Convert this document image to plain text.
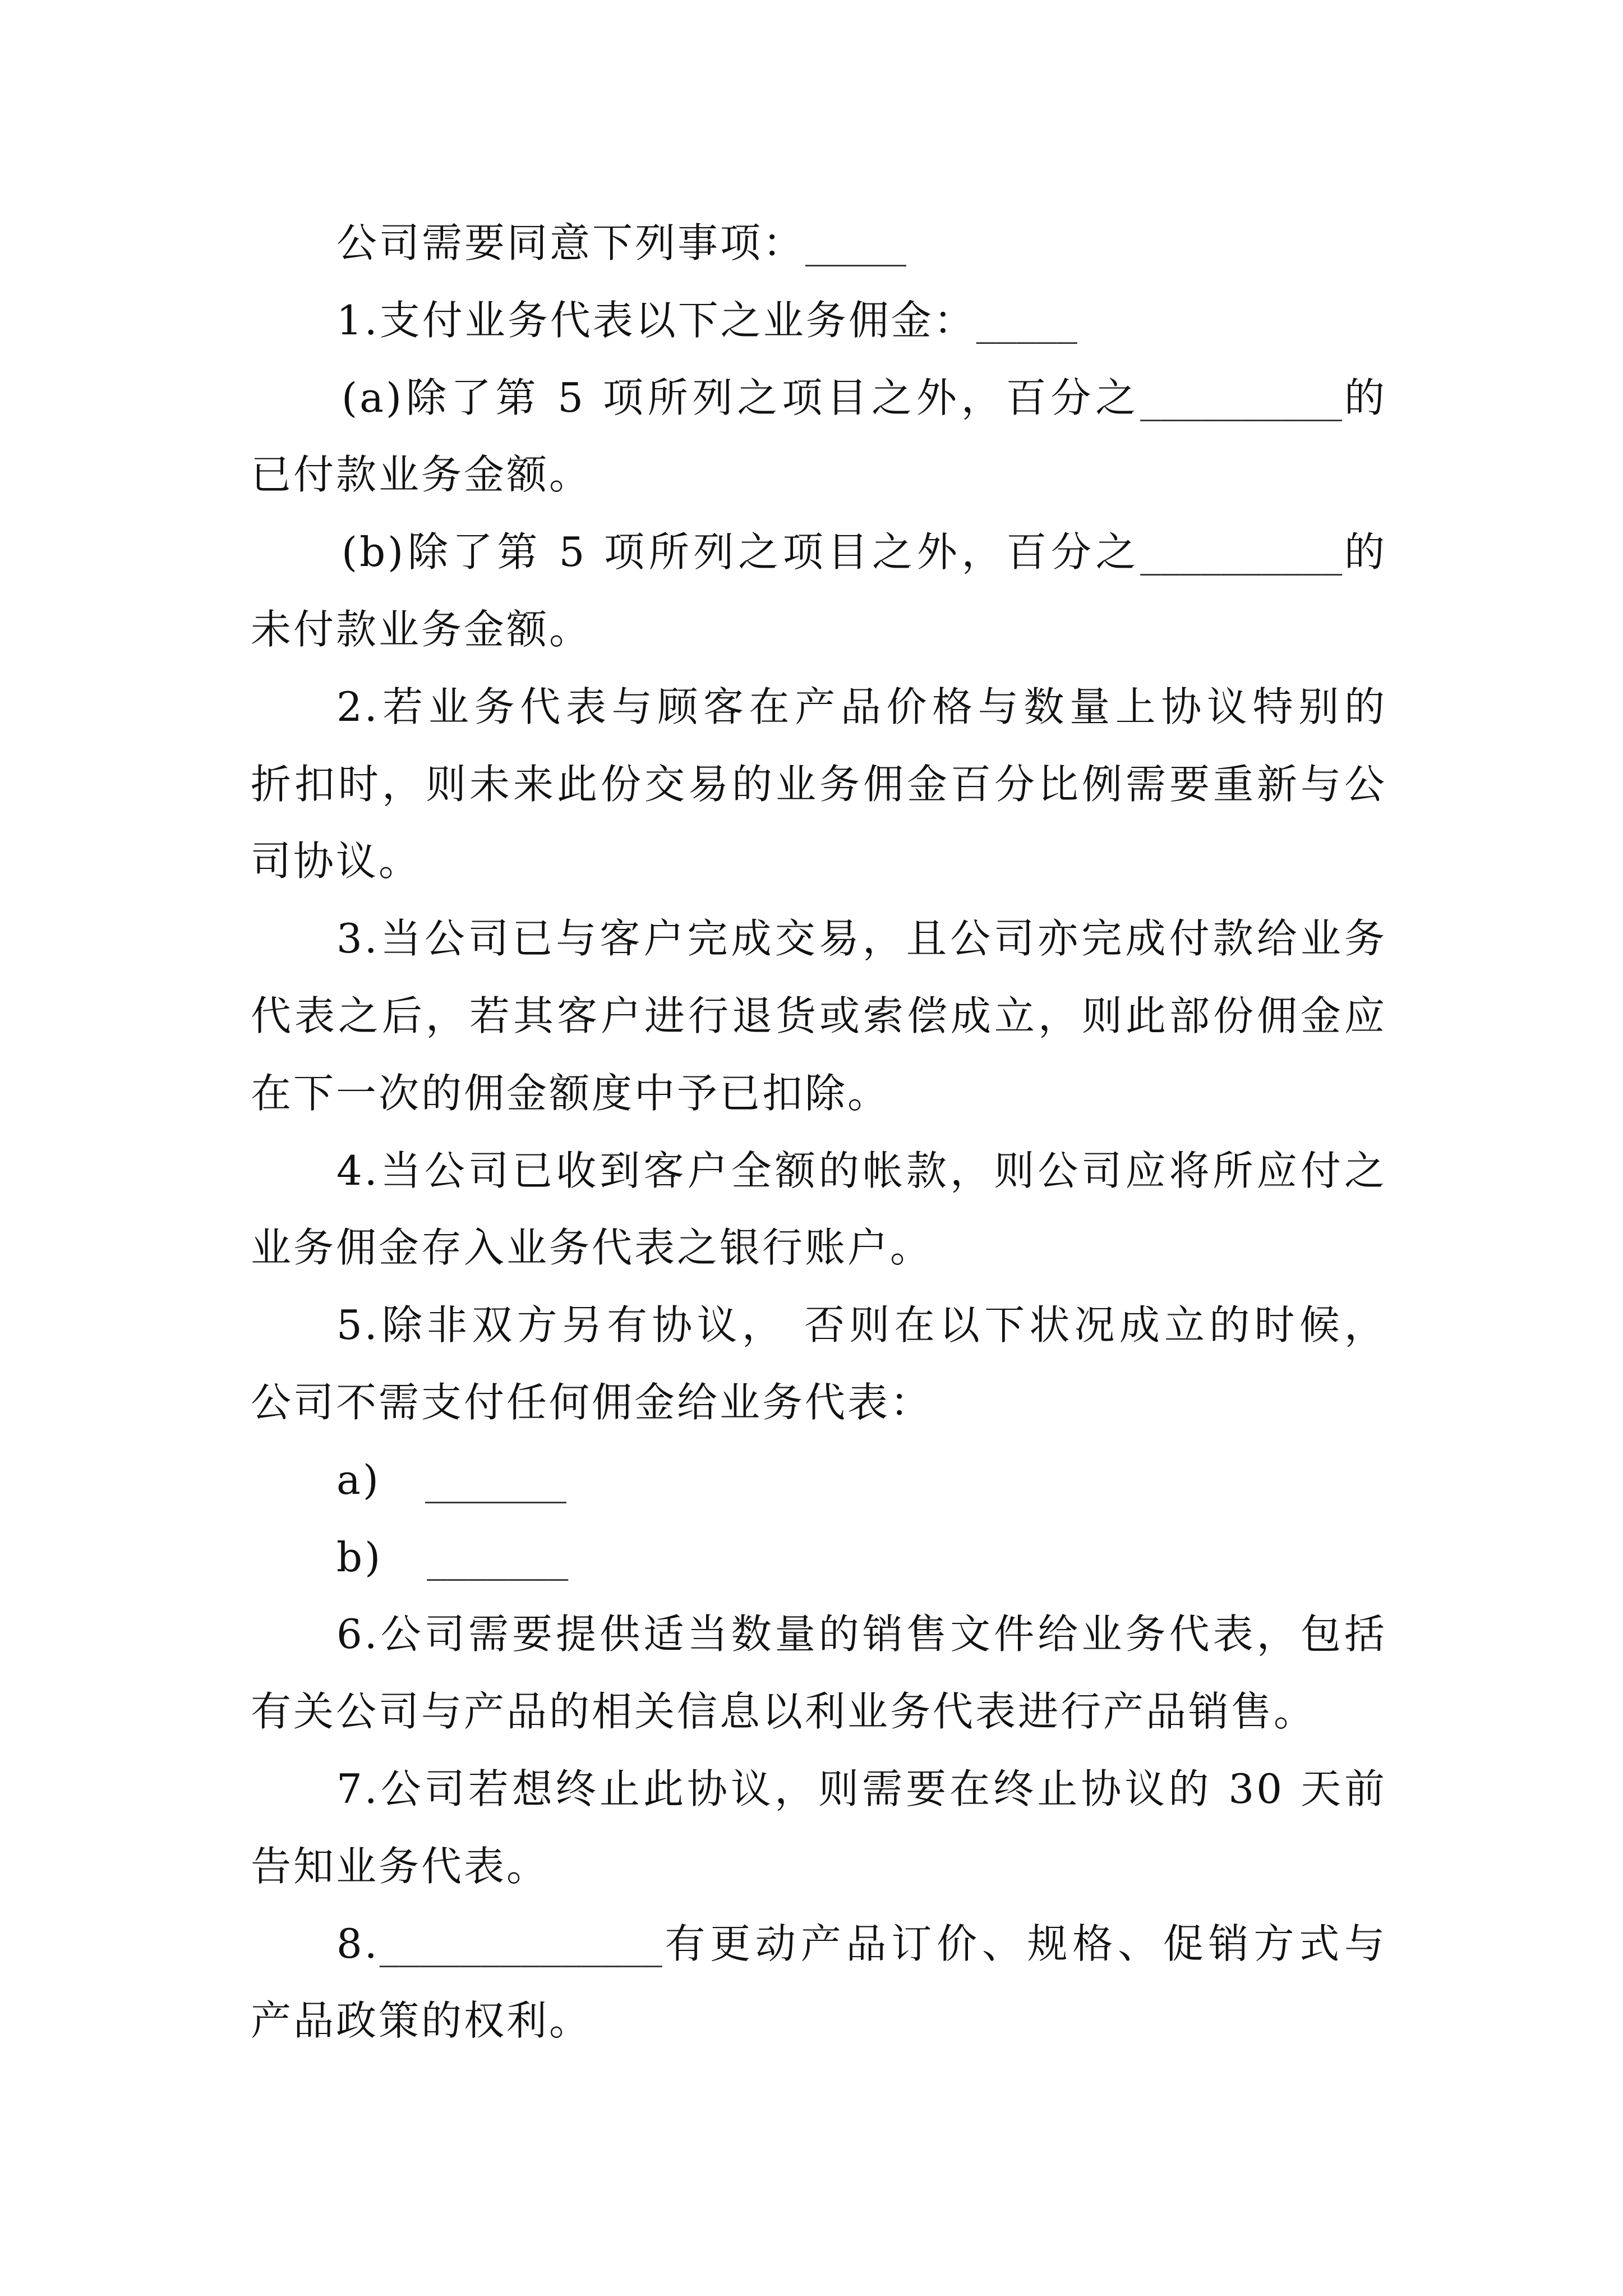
公司需要同意下列事项：_____
1.支付业务代表以下之业务佣金：_____
(a)除了第 5 项所列之项目之外，百分之__________的
已付款业务金额。
(b)除了第 5 项所列之项目之外，百分之__________的
未付款业务金额。
2.若业务代表与顾客在产品价格与数量上协议特别的
折扣时，则未来此份交易的业务佣金百分比例需要重新与公
司协议。
3.当公司已与客户完成交易，且公司亦完成付款给业务
代表之后，若其客户进行退货或索偿成立，则此部份佣金应
在下一次的佣金额度中予已扣除。
4.当公司已收到客户全额的帐款，则公司应将所应付之
业务佣金存入业务代表之银行账户。
5.除非双方另有协议， 否则在以下状况成立的时候，
公司不需支付任何佣金给业务代表：
a) _______
b) _______
6.公司需要提供适当数量的销售文件给业务代表，包括
有关公司与产品的相关信息以利业务代表进行产品销售。
7.公司若想终止此协议，则需要在终止协议的 30 天前
告知业务代表。
8.______________有更动产品订价、规格、促销方式与
产品政策的权利。
